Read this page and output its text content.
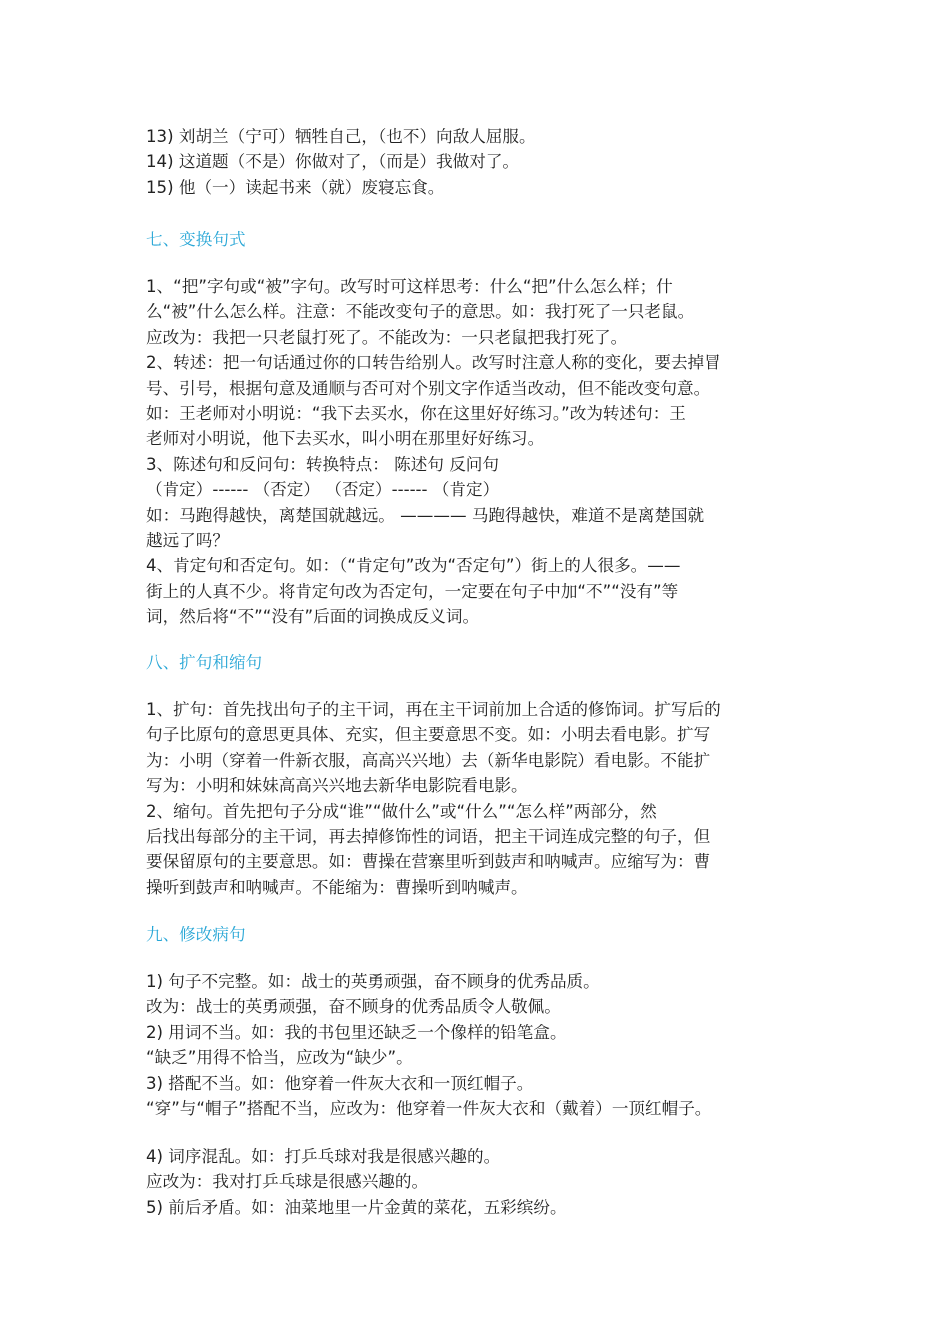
13) 刘胡兰（宁可）牺牲自己，（也不）向敌人屈服。
14) 这道题（不是）你做对了，（而是）我做对了。
15) 他（一）读起书来（就）废寝忘食。
七、变换句式
1、“把”字句或“被”字句。改写时可这样思考：什么“把”什么怎么样；什
么“被”什么怎么样。注意：不能改变句子的意思。如：我打死了一只老鼠。
应改为：我把一只老鼠打死了。不能改为：一只老鼠把我打死了。
2、转述：把一句话通过你的口转告给别人。改写时注意人称的变化，要去掉冒
号、引号，根据句意及通顺与否可对个别文字作适当改动，但不能改变句意。
如：王老师对小明说：“我下去买水，你在这里好好练习。”改为转述句：王
老师对小明说，他下去买水，叫小明在那里好好练习。
3、陈述句和反问句：转换特点： 陈述句 反问句
（肯定）------ （否定） （否定）------ （肯定）
如：马跑得越快，离楚国就越远。 ———— 马跑得越快，难道不是离楚国就
越远了吗？
4、肯定句和否定句。如：（“肯定句”改为“否定句”）街上的人很多。——
街上的人真不少。将肯定句改为否定句，一定要在句子中加“不”“没有”等
词，然后将“不”“没有”后面的词换成反义词。
八、扩句和缩句
1、扩句：首先找出句子的主干词，再在主干词前加上合适的修饰词。扩写后的
句子比原句的意思更具体、充实，但主要意思不变。如：小明去看电影。扩写
为：小明（穿着一件新衣服，高高兴兴地）去（新华电影院）看电影。不能扩
写为：小明和妹妹高高兴兴地去新华电影院看电影。
2、缩句。首先把句子分成“谁”“做什么”或“什么”“怎么样”两部分，然
后找出每部分的主干词，再去掉修饰性的词语，把主干词连成完整的句子，但
要保留原句的主要意思。如：曹操在营寨里听到鼓声和呐喊声。应缩写为：曹
操听到鼓声和呐喊声。不能缩为：曹操听到呐喊声。
九、修改病句
1) 句子不完整。如：战士的英勇顽强，奋不顾身的优秀品质。
改为：战士的英勇顽强，奋不顾身的优秀品质令人敬佩。
2) 用词不当。如：我的书包里还缺乏一个像样的铅笔盒。
“缺乏”用得不恰当，应改为“缺少”。
3) 搭配不当。如：他穿着一件灰大衣和一顶红帽子。
“穿”与“帽子”搭配不当，应改为：他穿着一件灰大衣和（戴着）一顶红帽子。
4) 词序混乱。如：打乒乓球对我是很感兴趣的。
应改为：我对打乒乓球是很感兴趣的。
5) 前后矛盾。如：油菜地里一片金黄的菜花，五彩缤纷。
